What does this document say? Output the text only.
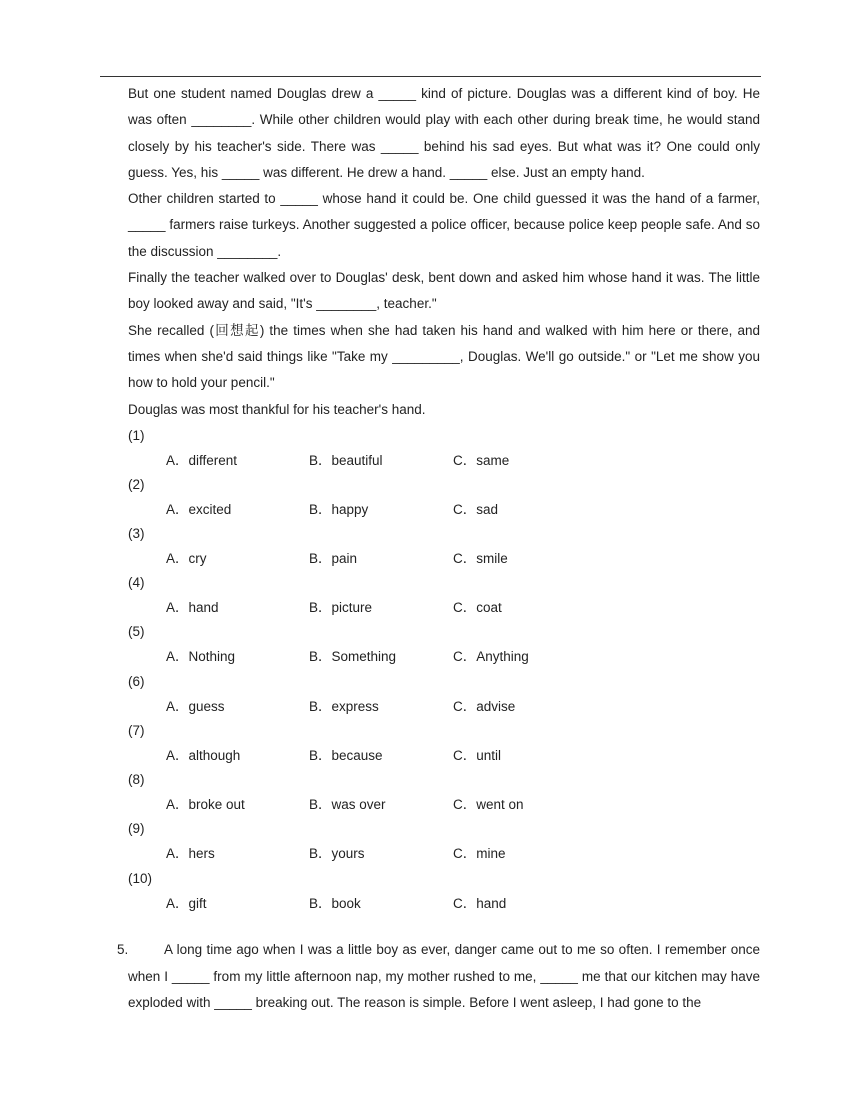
But one student named Douglas drew a _____ kind of picture. Douglas was a different kind of boy. He was often ________. While other children would play with each other during break time, he would stand closely by his teacher's side. There was _____ behind his sad eyes. But what was it? One could only guess. Yes, his _____ was different. He drew a hand. _____ else. Just an empty hand.

Other children started to _____ whose hand it could be. One child guessed it was the hand of a farmer, _____ farmers raise turkeys. Another suggested a police officer, because police keep people safe. And so the discussion ________.

Finally the teacher walked over to Douglas' desk, bent down and asked him whose hand it was. The little boy looked away and said, "It's ________, teacher."

She recalled (回想起) the times when she had taken his hand and walked with him here or there, and times when she'd said things like "Take my _________, Douglas. We'll go outside." or "Let me show you how to hold your pencil."

Douglas was most thankful for his teacher's hand.

(1)
A．different	B．beautiful	C．same
(2)
A．excited	B．happy	C．sad
(3)
A．cry	B．pain	C．smile
(4)
A．hand	B．picture	C．coat
(5)
A．Nothing	B．Something	C．Anything
(6)
A．guess	B．express	C．advise
(7)
A．although	B．because	C．until
(8)
A．broke out	B．was over	C．went on
(9)
A．hers	B．yours	C．mine
(10)
A．gift	B．book	C．hand
5.	A long time ago when I was a little boy as ever, danger came out to me so often. I remember once when I _____ from my little afternoon nap, my mother rushed to me, _____ me that our kitchen may have exploded with _____ breaking out. The reason is simple. Before I went asleep, I had gone to the
